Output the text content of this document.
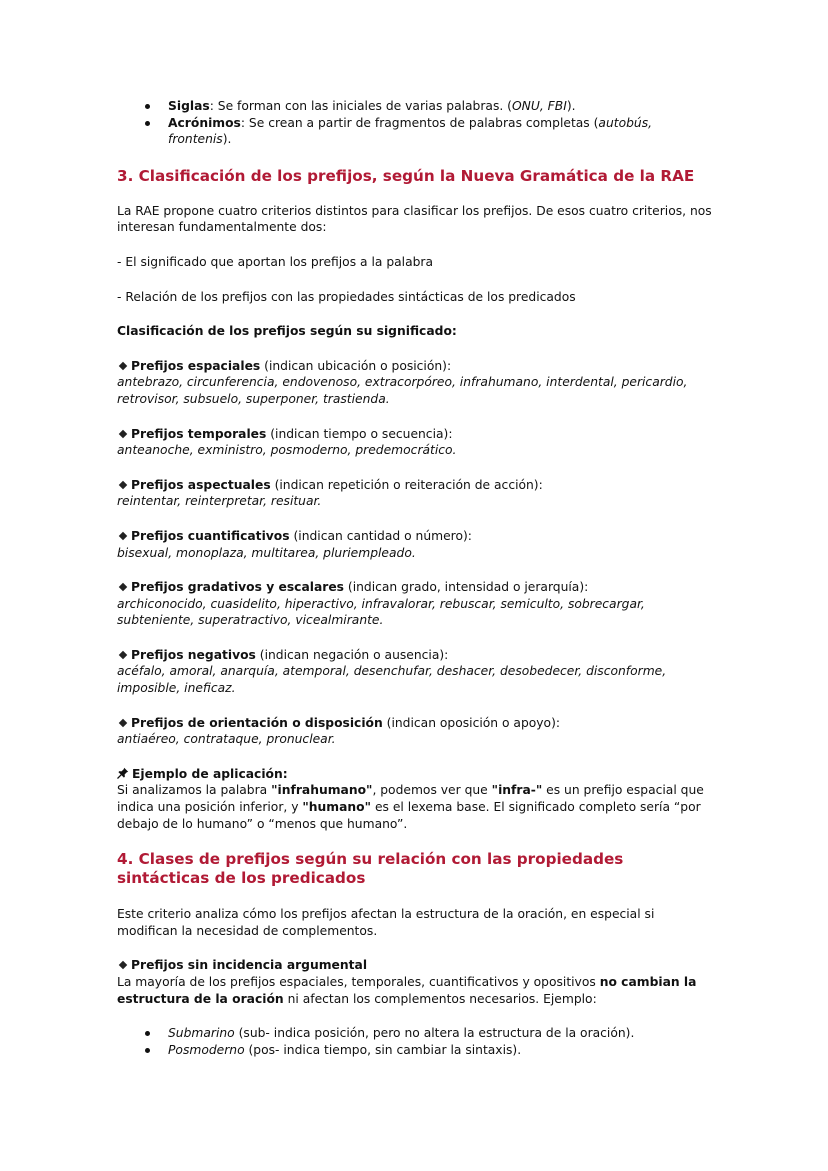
Siglas: Se forman con las iniciales de varias palabras. (ONU, FBI).
Acrónimos: Se crean a partir de fragmentos de palabras completas (autobús, frontenis).
3. Clasificación de los prefijos, según la Nueva Gramática de la RAE

La RAE propone cuatro criterios distintos para clasificar los prefijos. De esos cuatro criterios, nos interesan fundamentalmente dos:

- El significado que aportan los prefijos a la palabra

- Relación de los prefijos con las propiedades sintácticas de los predicados

Clasificación de los prefijos según su significado:

Prefijos espaciales (indican ubicación o posición):

antebrazo, circunferencia, endovenoso, extracorpóreo, infrahumano, interdental, pericardio, retrovisor, subsuelo, superponer, trastienda.

Prefijos temporales (indican tiempo o secuencia):

anteanoche, exministro, posmoderno, predemocrático.

Prefijos aspectuales (indican repetición o reiteración de acción):

reintentar, reinterpretar, resituar.

Prefijos cuantificativos (indican cantidad o número):

bisexual, monoplaza, multitarea, pluriempleado.

Prefijos gradativos y escalares (indican grado, intensidad o jerarquía):

archiconocido, cuasidelito, hiperactivo, infravalorar, rebuscar, semiculto, sobrecargar, subteniente, superatractivo, vicealmirante.

Prefijos negativos (indican negación o ausencia):

acéfalo, amoral, anarquía, atemporal, desenchufar, deshacer, desobedecer, disconforme, imposible, ineficaz.

Prefijos de orientación o disposición (indican oposición o apoyo):

antiaéreo, contrataque, pronuclear.

Ejemplo de aplicación:

Si analizamos la palabra "infrahumano", podemos ver que "infra-" es un prefijo espacial que indica una posición inferior, y "humano" es el lexema base. El significado completo sería “por debajo de lo humano” o “menos que humano”.

4. Clases de prefijos según su relación con las propiedades sintácticas de los predicados

Este criterio analiza cómo los prefijos afectan la estructura de la oración, en especial si modifican la necesidad de complementos.

Prefijos sin incidencia argumental

La mayoría de los prefijos espaciales, temporales, cuantificativos y opositivos no cambian la estructura de la oración ni afectan los complementos necesarios. Ejemplo:

Submarino (sub- indica posición, pero no altera la estructura de la oración).
Posmoderno (pos- indica tiempo, sin cambiar la sintaxis).
